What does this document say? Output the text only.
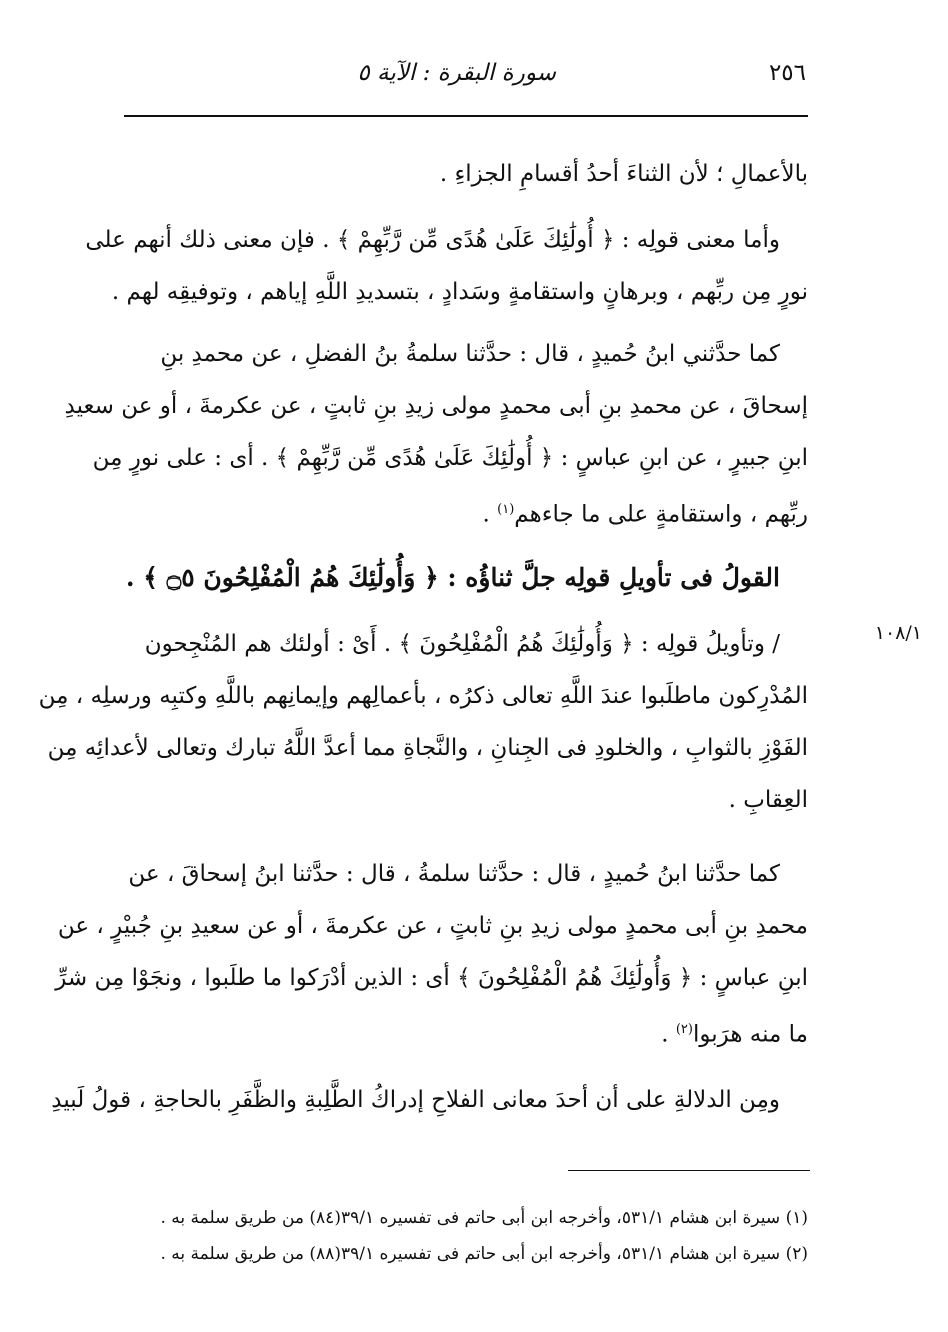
٢٥٦
سورة البقرة : الآية ٥
بالأعمالِ ؛ لأن الثناءَ أحدُ أقسامِ الجزاءِ .
وأما معنى قولِه : ﴿ أُولَٰئِكَ عَلَىٰ هُدًى مِّن رَّبِّهِمْ ﴾ . فإن معنى ذلك أنهم على
نورٍ مِن ربِّهم ، وبرهانٍ واستقامةٍ وسَدادٍ ، بتسديدِ اللَّهِ إياهم ، وتوفيقِه لهم .
كما حدَّثني ابنُ حُميدٍ ، قال : حدَّثنا سلمةُ بنُ الفضلِ ، عن محمدِ بنِ
إسحاقَ ، عن محمدِ بنِ أبى محمدٍ مولى زيدِ بنِ ثابتٍ ، عن عكرمةَ ، أو عن سعيدِ
ابنِ جبيرٍ ، عن ابنِ عباسٍ : ﴿ أُولَٰئِكَ عَلَىٰ هُدًى مِّن رَّبِّهِمْ ﴾ . أى : على نورٍ مِن
ربِّهم ، واستقامةٍ على ما جاءهم$^{(١)}$ .
القولُ فى تأويلِ قولِه جلَّ ثناؤُه : ﴿ وَأُولَٰئِكَ هُمُ الْمُفْلِحُونَ ۝٥ ﴾ .
١٠٨/١
/ وتأويلُ قولِه : ﴿ وَأُولَٰئِكَ هُمُ الْمُفْلِحُونَ ﴾ . أَىْ : أولئك هم المُنْجِحون
المُدْرِكون ماطلَبوا عندَ اللَّهِ تعالى ذكرُه ، بأعمالِهم وإيمانِهم باللَّهِ وكتبِه ورسلِه ، مِن
الفَوْزِ بالثوابِ ، والخلودِ فى الجِنانِ ، والنَّجاةِ مما أعدَّ اللَّهُ تبارك وتعالى لأعدائِه مِن
العِقابِ .
كما حدَّثنا ابنُ حُميدٍ ، قال : حدَّثنا سلمةُ ، قال : حدَّثنا ابنُ إسحاقَ ، عن
محمدِ بنِ أبى محمدٍ مولى زيدِ بنِ ثابتٍ ، عن عكرمةَ ، أو عن سعيدِ بنِ جُبيْرٍ ، عن
ابنِ عباسٍ : ﴿ وَأُولَٰئِكَ هُمُ الْمُفْلِحُونَ ﴾ أى : الذين أدْرَكوا ما طلَبوا ، ونجَوْا مِن شرِّ
ما منه هرَبوا$^{(٢)}$ .
ومِن الدلالةِ على أن أحدَ معانى الفلاحِ إدراكُ الطَّلِبةِ والظَّفَرِ بالحاجةِ ، قولُ لَبيدِ
(١) سيرة ابن هشام ٥٣١/١، وأخرجه ابن أبى حاتم فى تفسيره ٣٩/١(٨٤) من طريق سلمة به .
(٢) سيرة ابن هشام ٥٣١/١، وأخرجه ابن أبى حاتم فى تفسيره ٣٩/١(٨٨) من طريق سلمة به .
